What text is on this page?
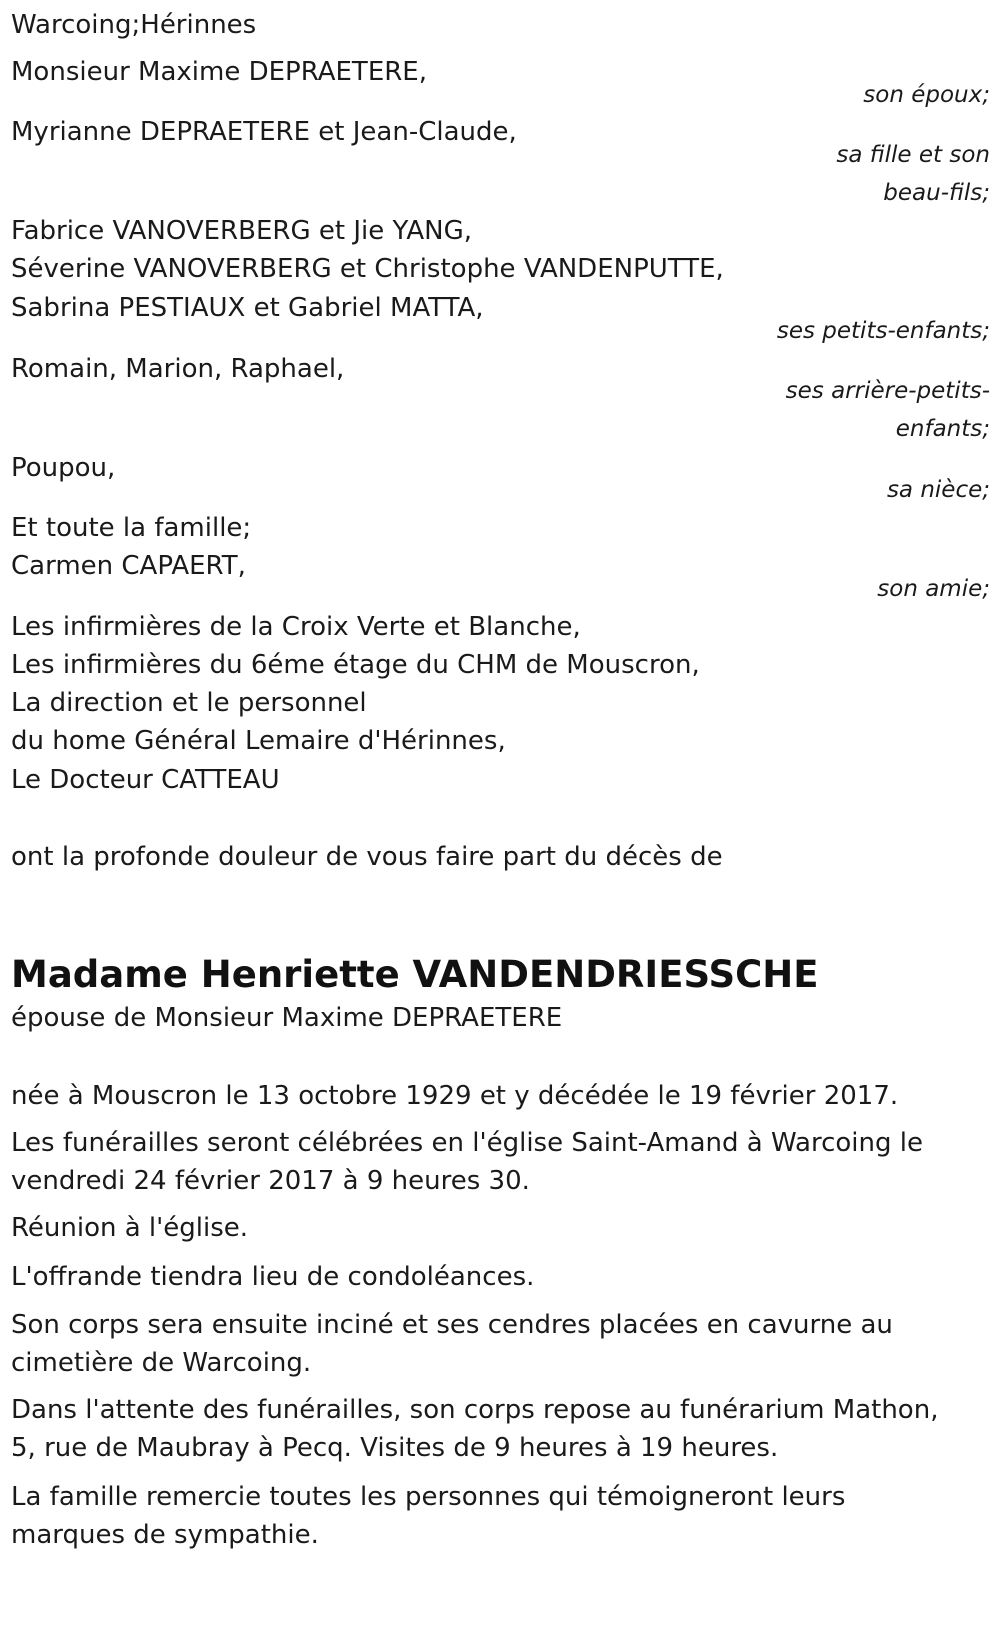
Warcoing;Hérinnes

Monsieur Maxime DEPRAETERE,

son époux;

Myrianne DEPRAETERE et Jean-Claude,

sa fille et son

beau-fils;

Fabrice VANOVERBERG et Jie YANG,

Séverine VANOVERBERG et Christophe VANDENPUTTE,

Sabrina PESTIAUX et Gabriel MATTA,

ses petits-enfants;

Romain, Marion, Raphael,

ses arrière-petits-

enfants;

Poupou,

sa nièce;

Et toute la famille;

Carmen CAPAERT,

son amie;

Les infirmières de la Croix Verte et Blanche,

Les infirmières du 6éme étage du CHM de Mouscron,

La direction et le personnel

du home Général Lemaire d'Hérinnes,

Le Docteur CATTEAU

ont la profonde douleur de vous faire part du décès de

Madame Henriette VANDENDRIESSCHE

épouse de Monsieur Maxime DEPRAETERE

née à Mouscron le 13 octobre 1929 et y décédée le 19 février 2017.

Les funérailles seront célébrées en l'église Saint-Amand à Warcoing le

vendredi 24 février 2017 à 9 heures 30.

Réunion à l'église.

L'offrande tiendra lieu de condoléances.

Son corps sera ensuite inciné et ses cendres placées en cavurne au

cimetière de Warcoing.

Dans l'attente des funérailles, son corps repose au funérarium Mathon,

5, rue de Maubray à Pecq. Visites de 9 heures à 19 heures.

La famille remercie toutes les personnes qui témoigneront leurs

marques de sympathie.
